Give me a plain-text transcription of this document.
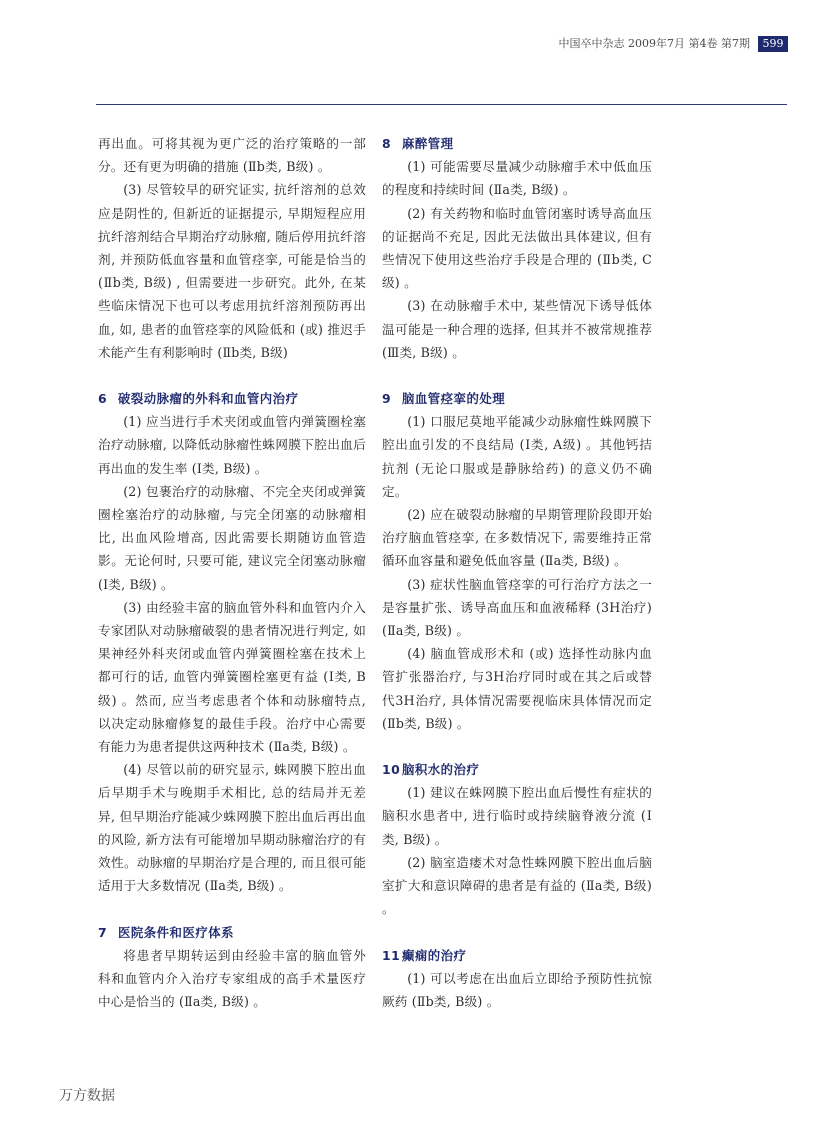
中国卒中杂志 2009年7月 第4卷 第7期	599

再出血。可将其视为更广泛的治疗策略的一部分。还有更为明确的措施 (Ⅱb类, B级) 。

(3) 尽管较早的研究证实, 抗纤溶剂的总效应是阴性的, 但新近的证据提示, 早期短程应用抗纤溶剂结合早期治疗动脉瘤, 随后停用抗纤溶剂, 并预防低血容量和血管痉挛, 可能是恰当的 (Ⅱb类, B级) , 但需要进一步研究。此外, 在某些临床情况下也可以考虑用抗纤溶剂预防再出血, 如, 患者的血管痉挛的风险低和 (或) 推迟手术能产生有利影响时 (Ⅱb类, B级)

6 破裂动脉瘤的外科和血管内治疗

(1) 应当进行手术夹闭或血管内弹簧圈栓塞治疗动脉瘤, 以降低动脉瘤性蛛网膜下腔出血后再出血的发生率 (Ⅰ类, B级) 。

(2) 包裹治疗的动脉瘤、不完全夹闭或弹簧圈栓塞治疗的动脉瘤, 与完全闭塞的动脉瘤相比, 出血风险增高, 因此需要长期随访血管造影。无论何时, 只要可能, 建议完全闭塞动脉瘤 (Ⅰ类, B级) 。

(3) 由经验丰富的脑血管外科和血管内介入专家团队对动脉瘤破裂的患者情况进行判定, 如果神经外科夹闭或血管内弹簧圈栓塞在技术上都可行的话, 血管内弹簧圈栓塞更有益 (Ⅰ类, B级) 。然而, 应当考虑患者个体和动脉瘤特点, 以决定动脉瘤修复的最佳手段。治疗中心需要有能力为患者提供这两种技术 (Ⅱa类, B级) 。

(4) 尽管以前的研究显示, 蛛网膜下腔出血后早期手术与晚期手术相比, 总的结局并无差异, 但早期治疗能减少蛛网膜下腔出血后再出血的风险, 新方法有可能增加早期动脉瘤治疗的有效性。动脉瘤的早期治疗是合理的, 而且很可能适用于大多数情况 (Ⅱa类, B级) 。

7 医院条件和医疗体系

将患者早期转运到由经验丰富的脑血管外科和血管内介入治疗专家组成的高手术量医疗中心是恰当的 (Ⅱa类, B级) 。

8 麻醉管理

(1) 可能需要尽量减少动脉瘤手术中低血压的程度和持续时间 (Ⅱa类, B级) 。

(2) 有关药物和临时血管闭塞时诱导高血压的证据尚不充足, 因此无法做出具体建议, 但有些情况下使用这些治疗手段是合理的 (Ⅱb类, C级) 。

(3) 在动脉瘤手术中, 某些情况下诱导低体温可能是一种合理的选择, 但其并不被常规推荐 (Ⅲ类, B级) 。

9 脑血管痉挛的处理

(1) 口服尼莫地平能减少动脉瘤性蛛网膜下腔出血引发的不良结局 (Ⅰ类, A级) 。其他钙拮抗剂 (无论口服或是静脉给药) 的意义仍不确定。

(2) 应在破裂动脉瘤的早期管理阶段即开始治疗脑血管痉挛, 在多数情况下, 需要维持正常循环血容量和避免低血容量 (Ⅱa类, B级) 。

(3) 症状性脑血管痉挛的可行治疗方法之一是容量扩张、诱导高血压和血液稀释 (3H治疗) (Ⅱa类, B级) 。

(4) 脑血管成形术和 (或) 选择性动脉内血管扩张器治疗, 与3H治疗同时或在其之后或替代3H治疗, 具体情况需要视临床具体情况而定 (Ⅱb类, B级) 。

10 脑积水的治疗

(1) 建议在蛛网膜下腔出血后慢性有症状的脑积水患者中, 进行临时或持续脑脊液分流 (Ⅰ类, B级) 。

(2) 脑室造瘘术对急性蛛网膜下腔出血后脑室扩大和意识障碍的患者是有益的 (Ⅱa类, B级) 。

11 癫痫的治疗

(1) 可以考虑在出血后立即给予预防性抗惊厥药 (Ⅱb类, B级) 。

万方数据
